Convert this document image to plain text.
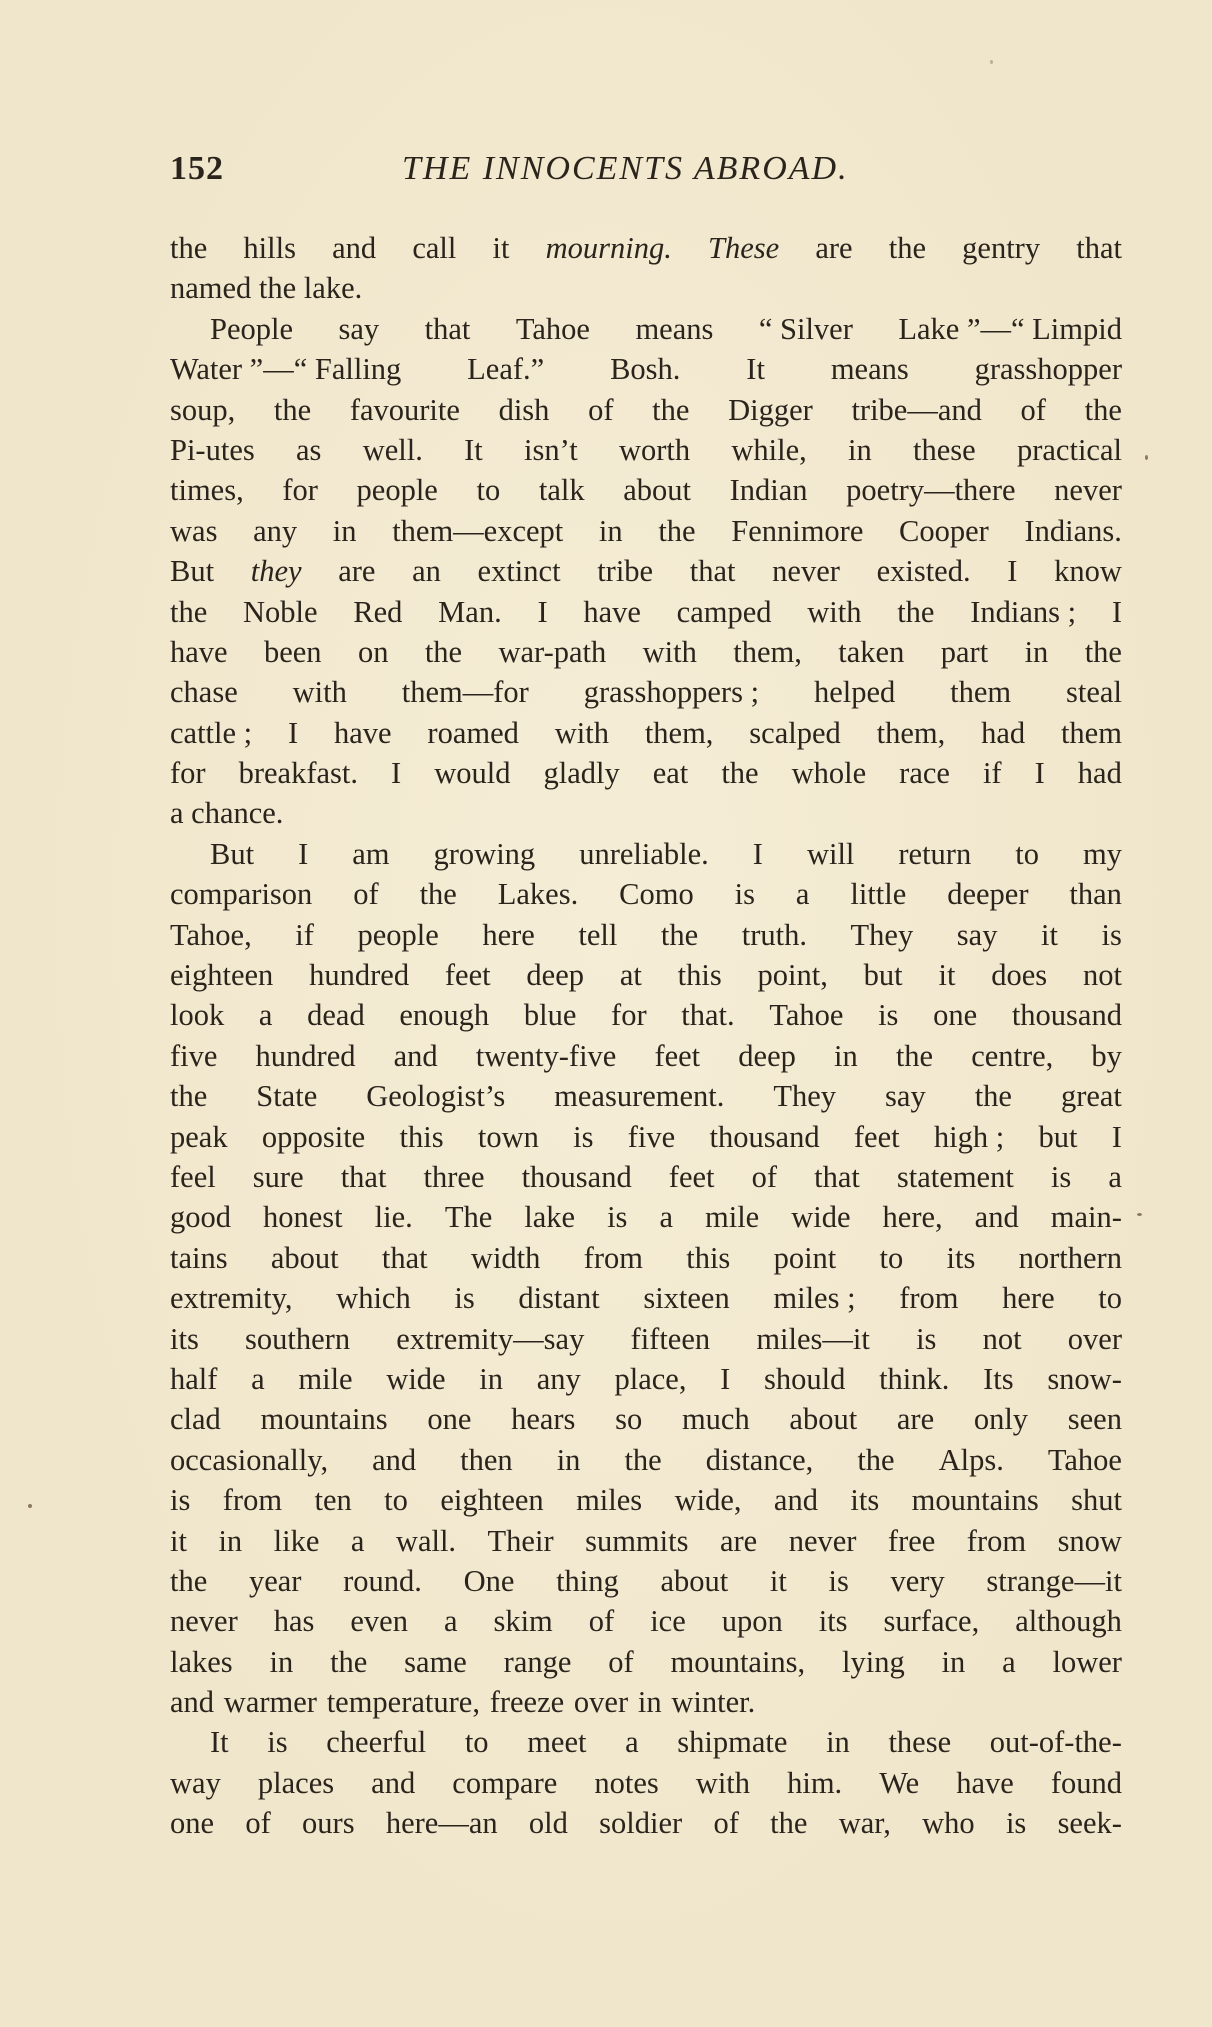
152	THE INNOCENTS ABROAD.
the hills and call it mourning. These are the gentry that
named the lake.
People say that Tahoe means “ Silver Lake ”—“ Limpid
Water ”—“ Falling Leaf.” Bosh. It means grasshopper
soup, the favourite dish of the Digger tribe—and of the
Pi-utes as well. It isn’t worth while, in these practical
times, for people to talk about Indian poetry—there never
was any in them—except in the Fennimore Cooper Indians.
But they are an extinct tribe that never existed. I know
the Noble Red Man. I have camped with the Indians ; I
have been on the war-path with them, taken part in the
chase with them—for grasshoppers ; helped them steal
cattle ; I have roamed with them, scalped them, had them
for breakfast. I would gladly eat the whole race if I had
a chance.
But I am growing unreliable. I will return to my
comparison of the Lakes. Como is a little deeper than
Tahoe, if people here tell the truth. They say it is
eighteen hundred feet deep at this point, but it does not
look a dead enough blue for that. Tahoe is one thousand
five hundred and twenty-five feet deep in the centre, by
the State Geologist’s measurement. They say the great
peak opposite this town is five thousand feet high ; but I
feel sure that three thousand feet of that statement is a
good honest lie. The lake is a mile wide here, and main-
tains about that width from this point to its northern
extremity, which is distant sixteen miles ; from here to
its southern extremity—say fifteen miles—it is not over
half a mile wide in any place, I should think. Its snow-
clad mountains one hears so much about are only seen
occasionally, and then in the distance, the Alps. Tahoe
is from ten to eighteen miles wide, and its mountains shut
it in like a wall. Their summits are never free from snow
the year round. One thing about it is very strange—it
never has even a skim of ice upon its surface, although
lakes in the same range of mountains, lying in a lower
and warmer temperature, freeze over in winter.
It is cheerful to meet a shipmate in these out-of-the-
way places and compare notes with him. We have found
one of ours here—an old soldier of the war, who is seek-
